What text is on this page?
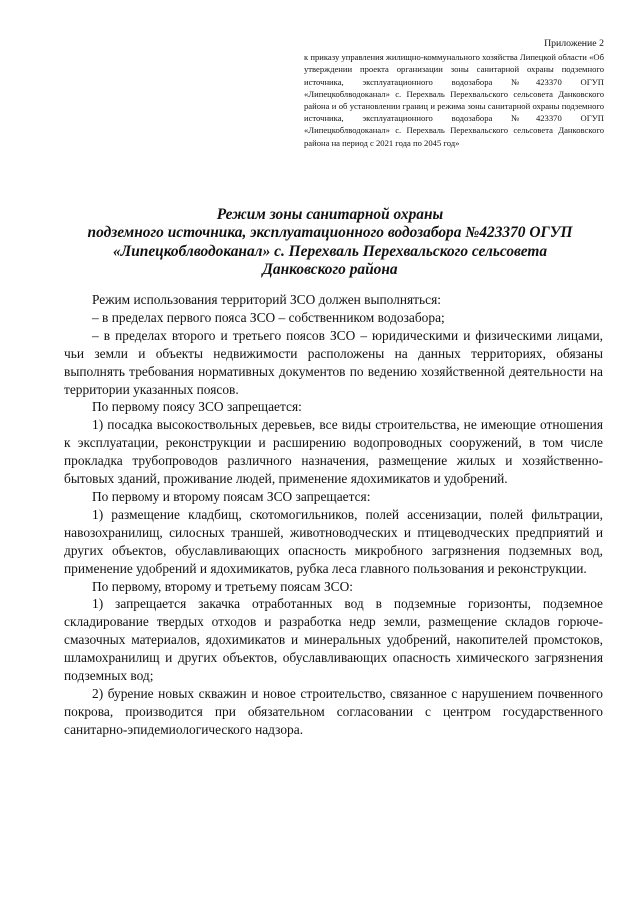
Приложение 2
к приказу управления жилищно-коммунального хозяйства Липецкой области «Об утверждении проекта организации зоны санитарной охраны подземного источника, эксплуатационного водозабора №423370 ОГУП «Липецкоблводоканал» с. Перехваль Перехвальского сельсовета Данковского района и об установлении границ и режима зоны санитарной охраны подземного источника, эксплуатационного водозабора №423370 ОГУП «Липецкоблводоканал» с. Перехваль Перехвальского сельсовета Данковского района на период с 2021 года по 2045 год»
Режим зоны санитарной охраны
подземного источника, эксплуатационного водозабора №423370 ОГУП
«Липецкоблводоканал» с. Перехваль Перехвальского сельсовета
Данковского района

Режим использования территорий ЗСО должен выполняться:

– в пределах первого пояса ЗСО – собственником водозабора;

– в пределах второго и третьего поясов ЗСО – юридическими и физическими лицами, чьи земли и объекты недвижимости расположены на данных территориях, обязаны выполнять требования нормативных документов по ведению хозяйственной деятельности на территории указанных поясов.

По первому поясу ЗСО запрещается:

1) посадка высокоствольных деревьев, все виды строительства, не имеющие отношения к эксплуатации, реконструкции и расширению водопроводных сооружений, в том числе прокладка трубопроводов различного назначения, размещение жилых и хозяйственно-бытовых зданий, проживание людей, применение ядохимикатов и удобрений.

По первому и второму поясам ЗСО запрещается:

1) размещение кладбищ, скотомогильников, полей ассенизации, полей фильтрации, навозохранилищ, силосных траншей, животноводческих и птицеводческих предприятий и других объектов, обуславливающих опасность микробного загрязнения подземных вод, применение удобрений и ядохимикатов, рубка леса главного пользования и реконструкции.

По первому, второму и третьему поясам ЗСО:

1) запрещается закачка отработанных вод в подземные горизонты, подземное складирование твердых отходов и разработка недр земли, размещение складов горюче-смазочных материалов, ядохимикатов и минеральных удобрений, накопителей промстоков, шламохранилищ и других объектов, обуславливающих опасность химического загрязнения подземных вод;

2) бурение новых скважин и новое строительство, связанное с нарушением почвенного покрова, производится при обязательном согласовании с центром государственного санитарно-эпидемиологического надзора.
